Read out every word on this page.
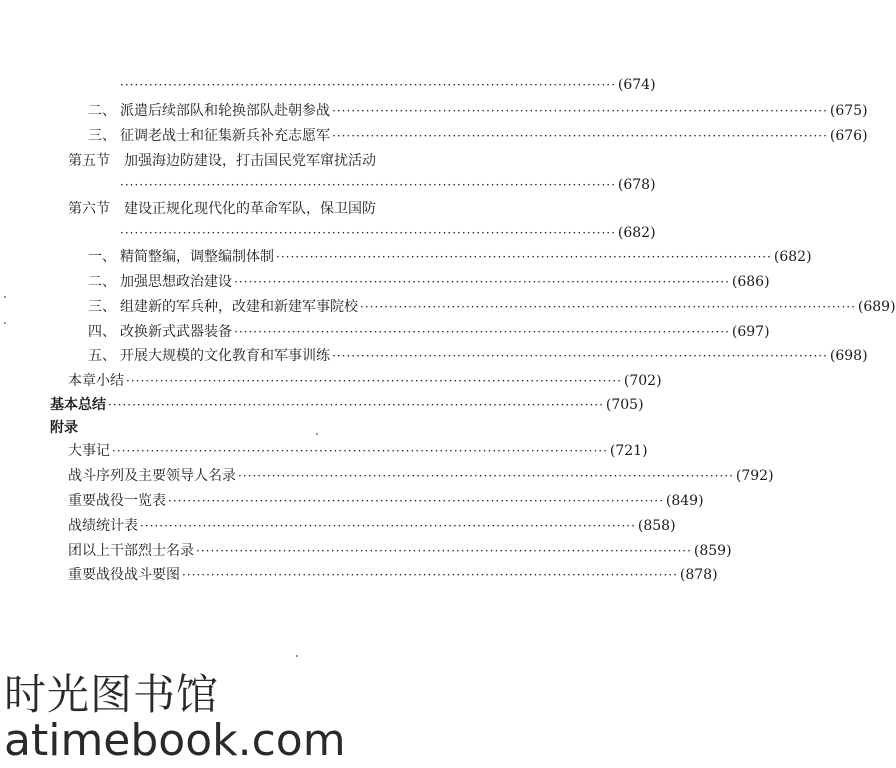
······································································································· (674)
二、 派遣后续部队和轮换部队赴朝参战 ······································································································· (675)
三、 征调老战士和征集新兵补充志愿军 ······································································································· (676)
第五节 加强海边防建设，打击国民党军窜扰活动
······································································································· (678)
第六节 建设正规化现代化的革命军队，保卫国防
······································································································· (682)
一、 精简整编，调整编制体制 ······································································································· (682)
二、 加强思想政治建设 ······································································································· (686)
三、 组建新的军兵种，改建和新建军事院校 ······································································································· (689)
四、 改换新式武器装备 ······································································································· (697)
五、 开展大规模的文化教育和军事训练 ······································································································· (698)
本章小结 ······································································································· (702)
基本总结 ······································································································· (705)
附录
大事记 ······································································································· (721)
战斗序列及主要领导人名录 ······································································································· (792)
重要战役一览表 ······································································································· (849)
战绩统计表 ······································································································· (858)
团以上干部烈士名录 ······································································································· (859)
重要战役战斗要图 ······································································································· (878)
时光图书馆
atimebook.com
